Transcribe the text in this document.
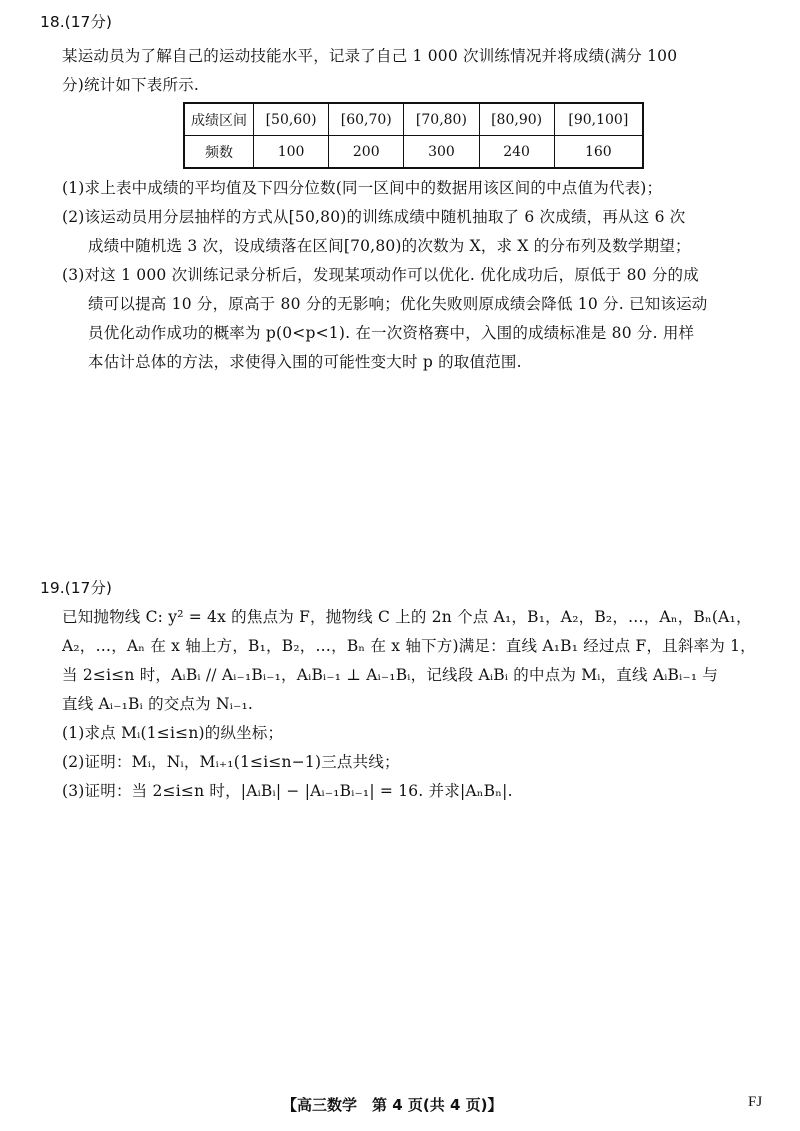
18.(17分)
某运动员为了解自己的运动技能水平，记录了自己 1 000 次训练情况并将成绩(满分 100
分)统计如下表所示.
成绩区间	[50,60)	[60,70)	[70,80)	[80,90)	[90,100]
频数	100	200	300	240	160
(1)求上表中成绩的平均值及下四分位数(同一区间中的数据用该区间的中点值为代表)；
(2)该运动员用分层抽样的方式从[50,80)的训练成绩中随机抽取了 6 次成绩，再从这 6 次
成绩中随机选 3 次，设成绩落在区间[70,80)的次数为 X，求 X 的分布列及数学期望；
(3)对这 1 000 次训练记录分析后，发现某项动作可以优化. 优化成功后，原低于 80 分的成
绩可以提高 10 分，原高于 80 分的无影响；优化失败则原成绩会降低 10 分. 已知该运动
员优化动作成功的概率为 p(0<p<1). 在一次资格赛中，入围的成绩标准是 80 分. 用样
本估计总体的方法，求使得入围的可能性变大时 p 的取值范围.
19.(17分)
已知抛物线 C: y² = 4x 的焦点为 F，抛物线 C 上的 2n 个点 A₁，B₁，A₂，B₂，…，Aₙ，Bₙ(A₁，
A₂，…，Aₙ 在 x 轴上方，B₁，B₂，…，Bₙ 在 x 轴下方)满足：直线 A₁B₁ 经过点 F，且斜率为 1，
当 2≤i≤n 时，AᵢBᵢ // Aᵢ₋₁Bᵢ₋₁，AᵢBᵢ₋₁ ⊥ Aᵢ₋₁Bᵢ，记线段 AᵢBᵢ 的中点为 Mᵢ，直线 AᵢBᵢ₋₁ 与
直线 Aᵢ₋₁Bᵢ 的交点为 Nᵢ₋₁.
(1)求点 Mᵢ(1≤i≤n)的纵坐标；
(2)证明：Mᵢ，Nᵢ，Mᵢ₊₁(1≤i≤n−1)三点共线；
(3)证明：当 2≤i≤n 时，|AᵢBᵢ| − |Aᵢ₋₁Bᵢ₋₁| = 16. 并求|AₙBₙ|.
【高三数学　第 4 页(共 4 页)】	FJ
